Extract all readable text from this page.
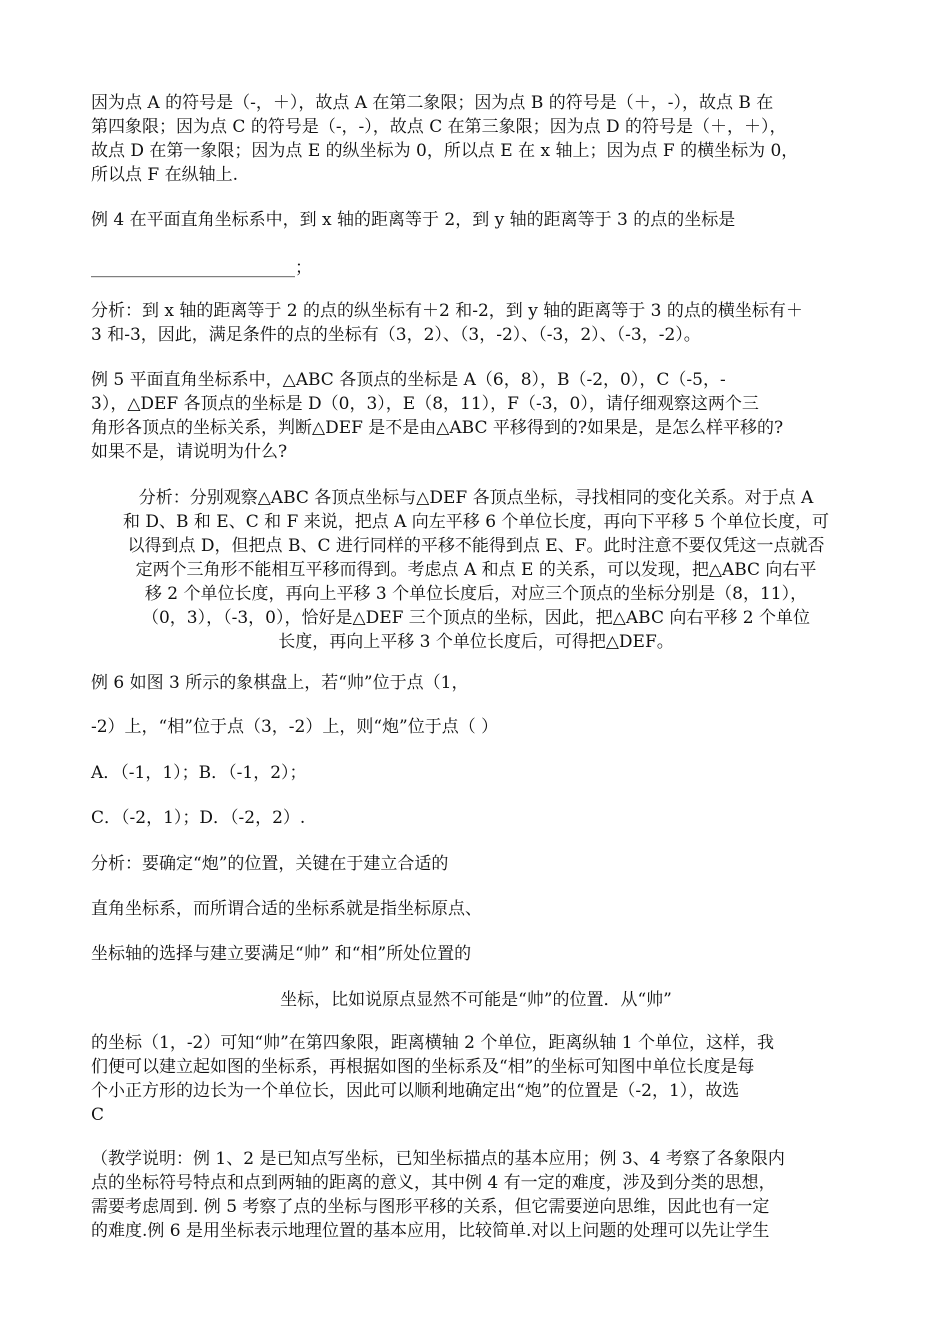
因为点 A 的符号是（-，＋），故点 A 在第二象限；因为点 B 的符号是（＋，-），故点 B 在
第四象限；因为点 C 的符号是（-，-），故点 C 在第三象限；因为点 D 的符号是（＋，＋），
故点 D 在第一象限；因为点 E 的纵坐标为 0，所以点 E 在 x 轴上；因为点 F 的横坐标为 0，
所以点 F 在纵轴上.
例 4 在平面直角坐标系中，到 x 轴的距离等于 2，到 y 轴的距离等于 3 的点的坐标是
________________________；
分析：到 x 轴的距离等于 2 的点的纵坐标有＋2 和-2，到 y 轴的距离等于 3 的点的横坐标有＋
3 和-3，因此，满足条件的点的坐标有（3，2）、（3，-2）、（-3，2）、（-3，-2）。
例 5 平面直角坐标系中，△ABC 各顶点的坐标是 A（6，8），B（-2，0），C（-5，-
3），△DEF 各顶点的坐标是 D（0，3），E（8，11），F（-3，0），请仔细观察这两个三
角形各顶点的坐标关系，判断△DEF 是不是由△ABC 平移得到的?如果是，是怎么样平移的?
如果不是，请说明为什么?
分析：分别观察△ABC 各顶点坐标与△DEF 各顶点坐标，寻找相同的变化关系。对于点 A
和 D、B 和 E、C 和 F 来说，把点 A 向左平移 6 个单位长度，再向下平移 5 个单位长度，可
以得到点 D，但把点 B、C 进行同样的平移不能得到点 E、F。此时注意不要仅凭这一点就否
定两个三角形不能相互平移而得到。考虑点 A 和点 E 的关系，可以发现，把△ABC 向右平
移 2 个单位长度，再向上平移 3 个单位长度后，对应三个顶点的坐标分别是（8，11），
（0，3），（-3，0），恰好是△DEF 三个顶点的坐标，因此，把△ABC 向右平移 2 个单位
长度，再向上平移 3 个单位长度后，可得把△DEF。
例 6 如图 3 所示的象棋盘上，若“帅”位于点（1，
-2）上，“相”位于点（3，-2）上，则“炮”位于点（ ）
A．（-1，1）；B．（-1，2）；
C．（-2，1）；D．（-2，2）.
分析：要确定“炮”的位置，关键在于建立合适的
直角坐标系，而所谓合适的坐标系就是指坐标原点、
坐标轴的选择与建立要满足“帅” 和“相”所处位置的
坐标，比如说原点显然不可能是“帅”的位置．从“帅”
的坐标（1，-2）可知“帅”在第四象限，距离横轴 2 个单位，距离纵轴 1 个单位，这样，我
们便可以建立起如图的坐标系，再根据如图的坐标系及“相”的坐标可知图中单位长度是每
个小正方形的边长为一个单位长，因此可以顺利地确定出“炮”的位置是（-2，1），故选
C
（教学说明：例 1、2 是已知点写坐标，已知坐标描点的基本应用；例 3、4 考察了各象限内
点的坐标符号特点和点到两轴的距离的意义，其中例 4 有一定的难度，涉及到分类的思想，
需要考虑周到. 例 5 考察了点的坐标与图形平移的关系，但它需要逆向思维，因此也有一定
的难度.例 6 是用坐标表示地理位置的基本应用，比较简单.对以上问题的处理可以先让学生
